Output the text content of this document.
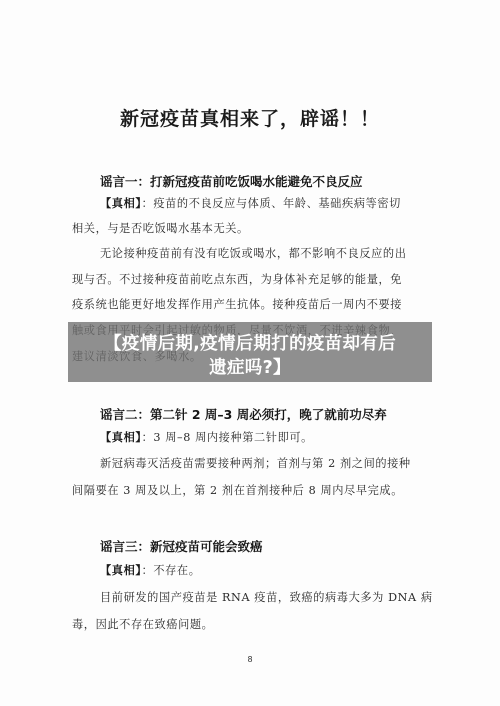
新冠疫苗真相来了，辟谣！！
谣言一：打新冠疫苗前吃饭喝水能避免不良反应
【真相】：疫苗的不良反应与体质、年龄、基础疾病等密切
相关，与是否吃饭喝水基本无关。
无论接种疫苗前有没有吃饭或喝水，都不影响不良反应的出
现与否。不过接种疫苗前吃点东西，为身体补充足够的能量，免
疫系统也能更好地发挥作用产生抗体。接种疫苗后一周内不要接
谣言二：第二针 2 周–3 周必须打，晚了就前功尽弃
【真相】：3 周–8 周内接种第二针即可。
新冠病毒灭活疫苗需要接种两剂；首剂与第 2 剂之间的接种
间隔要在 3 周及以上，第 2 剂在首剂接种后 8 周内尽早完成。
谣言三：新冠疫苗可能会致癌
【真相】：不存在。
目前研发的国产疫苗是 RNA 疫苗，致癌的病毒大多为 DNA 病
毒，因此不存在致癌问题。
8
【疫情后期,疫情后期打的疫苗却有后
遗症吗?】
